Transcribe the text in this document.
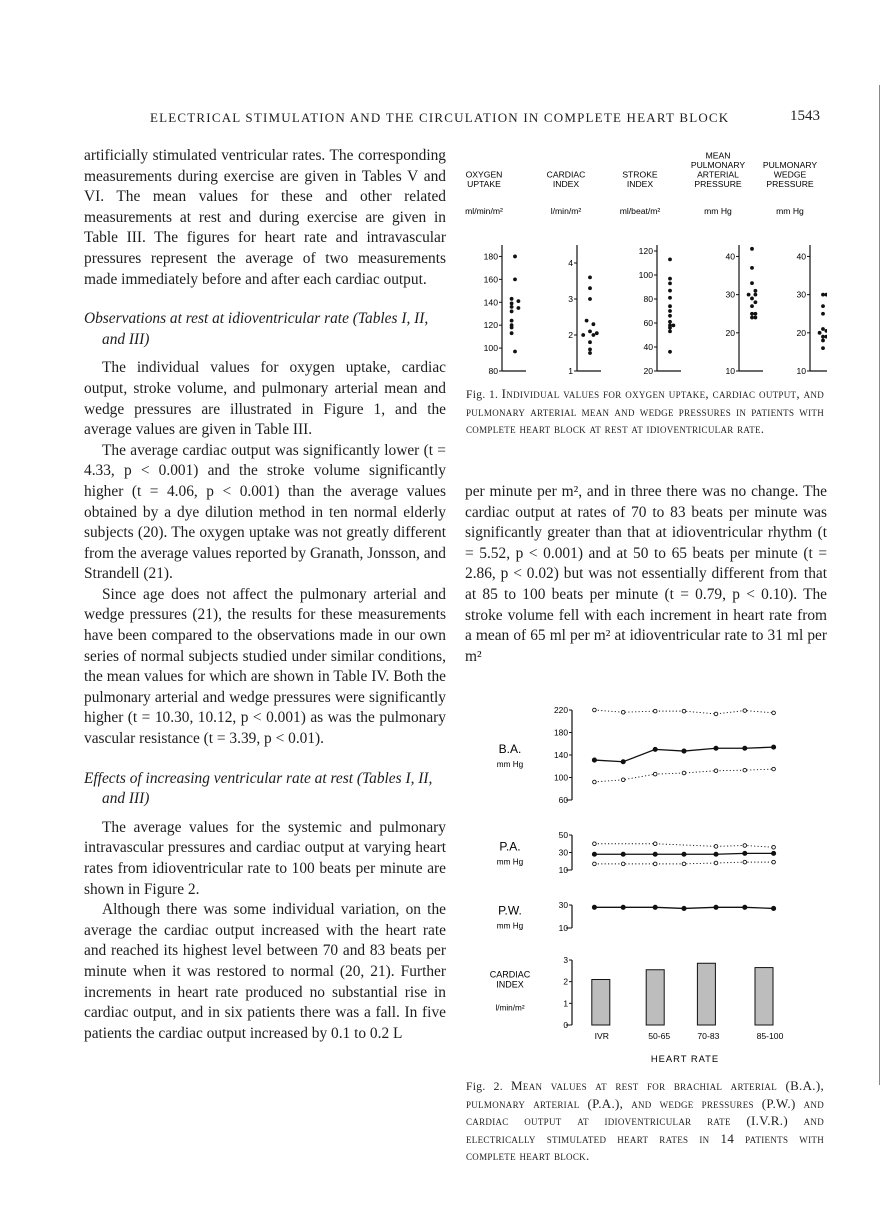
ELECTRICAL STIMULATION AND THE CIRCULATION IN COMPLETE HEART BLOCK	1543

artificially stimulated ventricular rates. The corresponding measurements during exercise are given in Tables V and VI. The mean values for these and other related measurements at rest and during exercise are given in Table III. The figures for heart rate and intravascular pressures represent the average of two measurements made immediately before and after each cardiac output.

Observations at rest at idioventricular rate (Tables I, II, and III)

The individual values for oxygen uptake, cardiac output, stroke volume, and pulmonary arterial mean and wedge pressures are illustrated in Figure 1, and the average values are given in Table III.

The average cardiac output was significantly lower (t = 4.33, p < 0.001) and the stroke volume significantly higher (t = 4.06, p < 0.001) than the average values obtained by a dye dilution method in ten normal elderly subjects (20). The oxygen uptake was not greatly different from the average values reported by Granath, Jonsson, and Strandell (21).

Since age does not affect the pulmonary arterial and wedge pressures (21), the results for these measurements have been compared to the observations made in our own series of normal subjects studied under similar conditions, the mean values for which are shown in Table IV. Both the pulmonary arterial and wedge pressures were significantly higher (t = 10.30, 10.12, p < 0.001) as was the pulmonary vascular resistance (t = 3.39, p < 0.01).

Effects of increasing ventricular rate at rest (Tables I, II, and III)

The average values for the systemic and pulmonary intravascular pressures and cardiac output at varying heart rates from idioventricular rate to 100 beats per minute are shown in Figure 2.

Although there was some individual variation, on the average the cardiac output increased with the heart rate and reached its highest level between 70 and 83 beats per minute when it was restored to normal (20, 21). Further increments in heart rate produced no substantial rise in cardiac output, and in six patients there was a fall. In five patients the cardiac output increased by 0.1 to 0.2 L

per minute per m², and in three there was no change. The cardiac output at rates of 70 to 83 beats per minute was significantly greater than that at idioventricular rhythm (t = 5.52, p < 0.001) and at 50 to 65 beats per minute (t = 2.86, p < 0.02) but was not essentially different from that at 85 to 100 beats per minute (t = 0.79, p < 0.10). The stroke volume fell with each increment in heart rate from a mean of 65 ml per m² at idioventricular rate to 31 ml per m²

OXYGEN
UPTAKE
ml/min/m²
80
100
120
140
160
180
CARDIAC
INDEX
l/min/m²
1
2
3
4
STROKE
INDEX
ml/beat/m²
20
40
60
80
100
120
MEAN
PULMONARY
ARTERIAL
PRESSURE
mm Hg
10
20
30
40
PULMONARY
WEDGE
PRESSURE
mm Hg
10
20
30
40
Fig. 1. Individual values for oxygen uptake, cardiac output, and pulmonary arterial mean and wedge pressures in patients with complete heart block at rest at idioventricular rate.
60
100
140
180
220
B.A.
mm Hg
10
30
50
P.A.
mm Hg
10
30
P.W.
mm Hg
0
1
2
3
CARDIAC
INDEX
l/min/m²
IVR	50-65	70-83	85-100
HEART RATE
Fig. 2. Mean values at rest for brachial arterial (B.A.), pulmonary arterial (P.A.), and wedge pressures (P.W.) and cardiac output at idioventricular rate (I.V.R.) and electrically stimulated heart rates in 14 patients with complete heart block.
